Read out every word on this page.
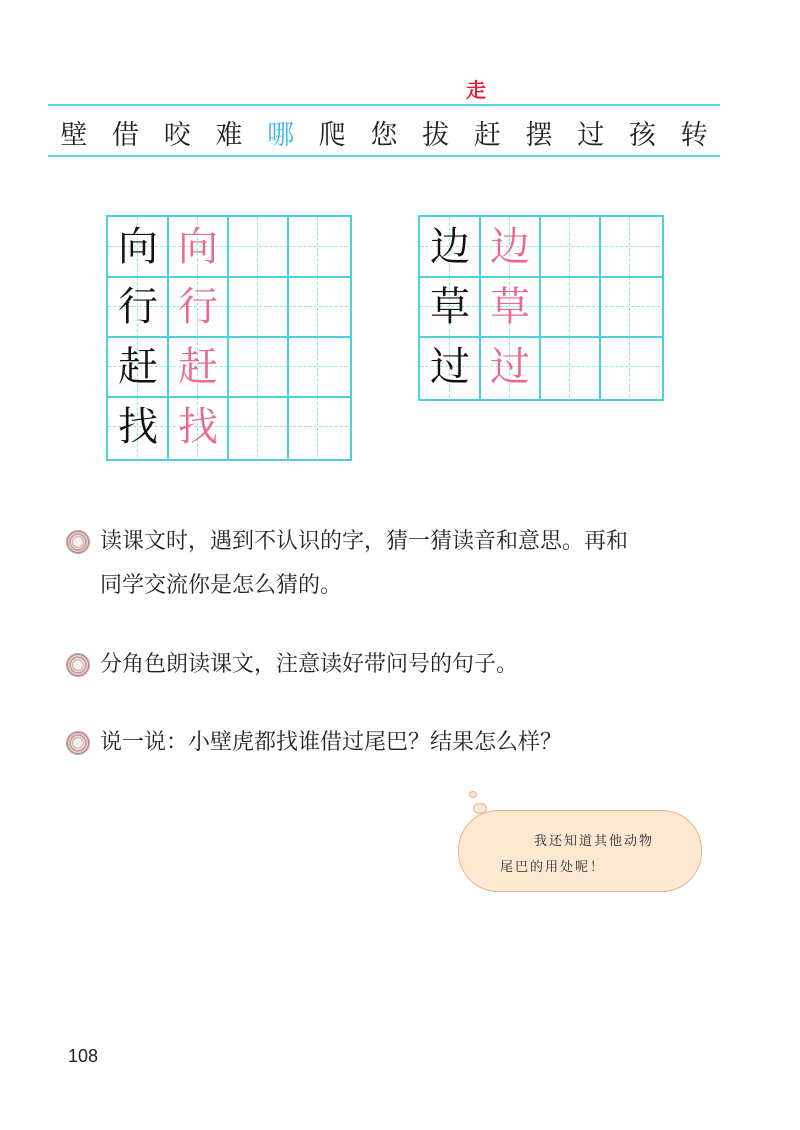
走
壁 借 咬 难 哪 爬 您 拔 赶 摆 过 孩 转
向 向
行 行
赶 赶
找 找
边 边
草 草
过 过
读课文时，遇到不认识的字，猜一猜读音和意思。再和
同学交流你是怎么猜的。
分角色朗读课文，注意读好带问号的句子。
说一说：小壁虎都找谁借过尾巴？结果怎么样？
我还知道其他动物
尾巴的用处呢！
108
